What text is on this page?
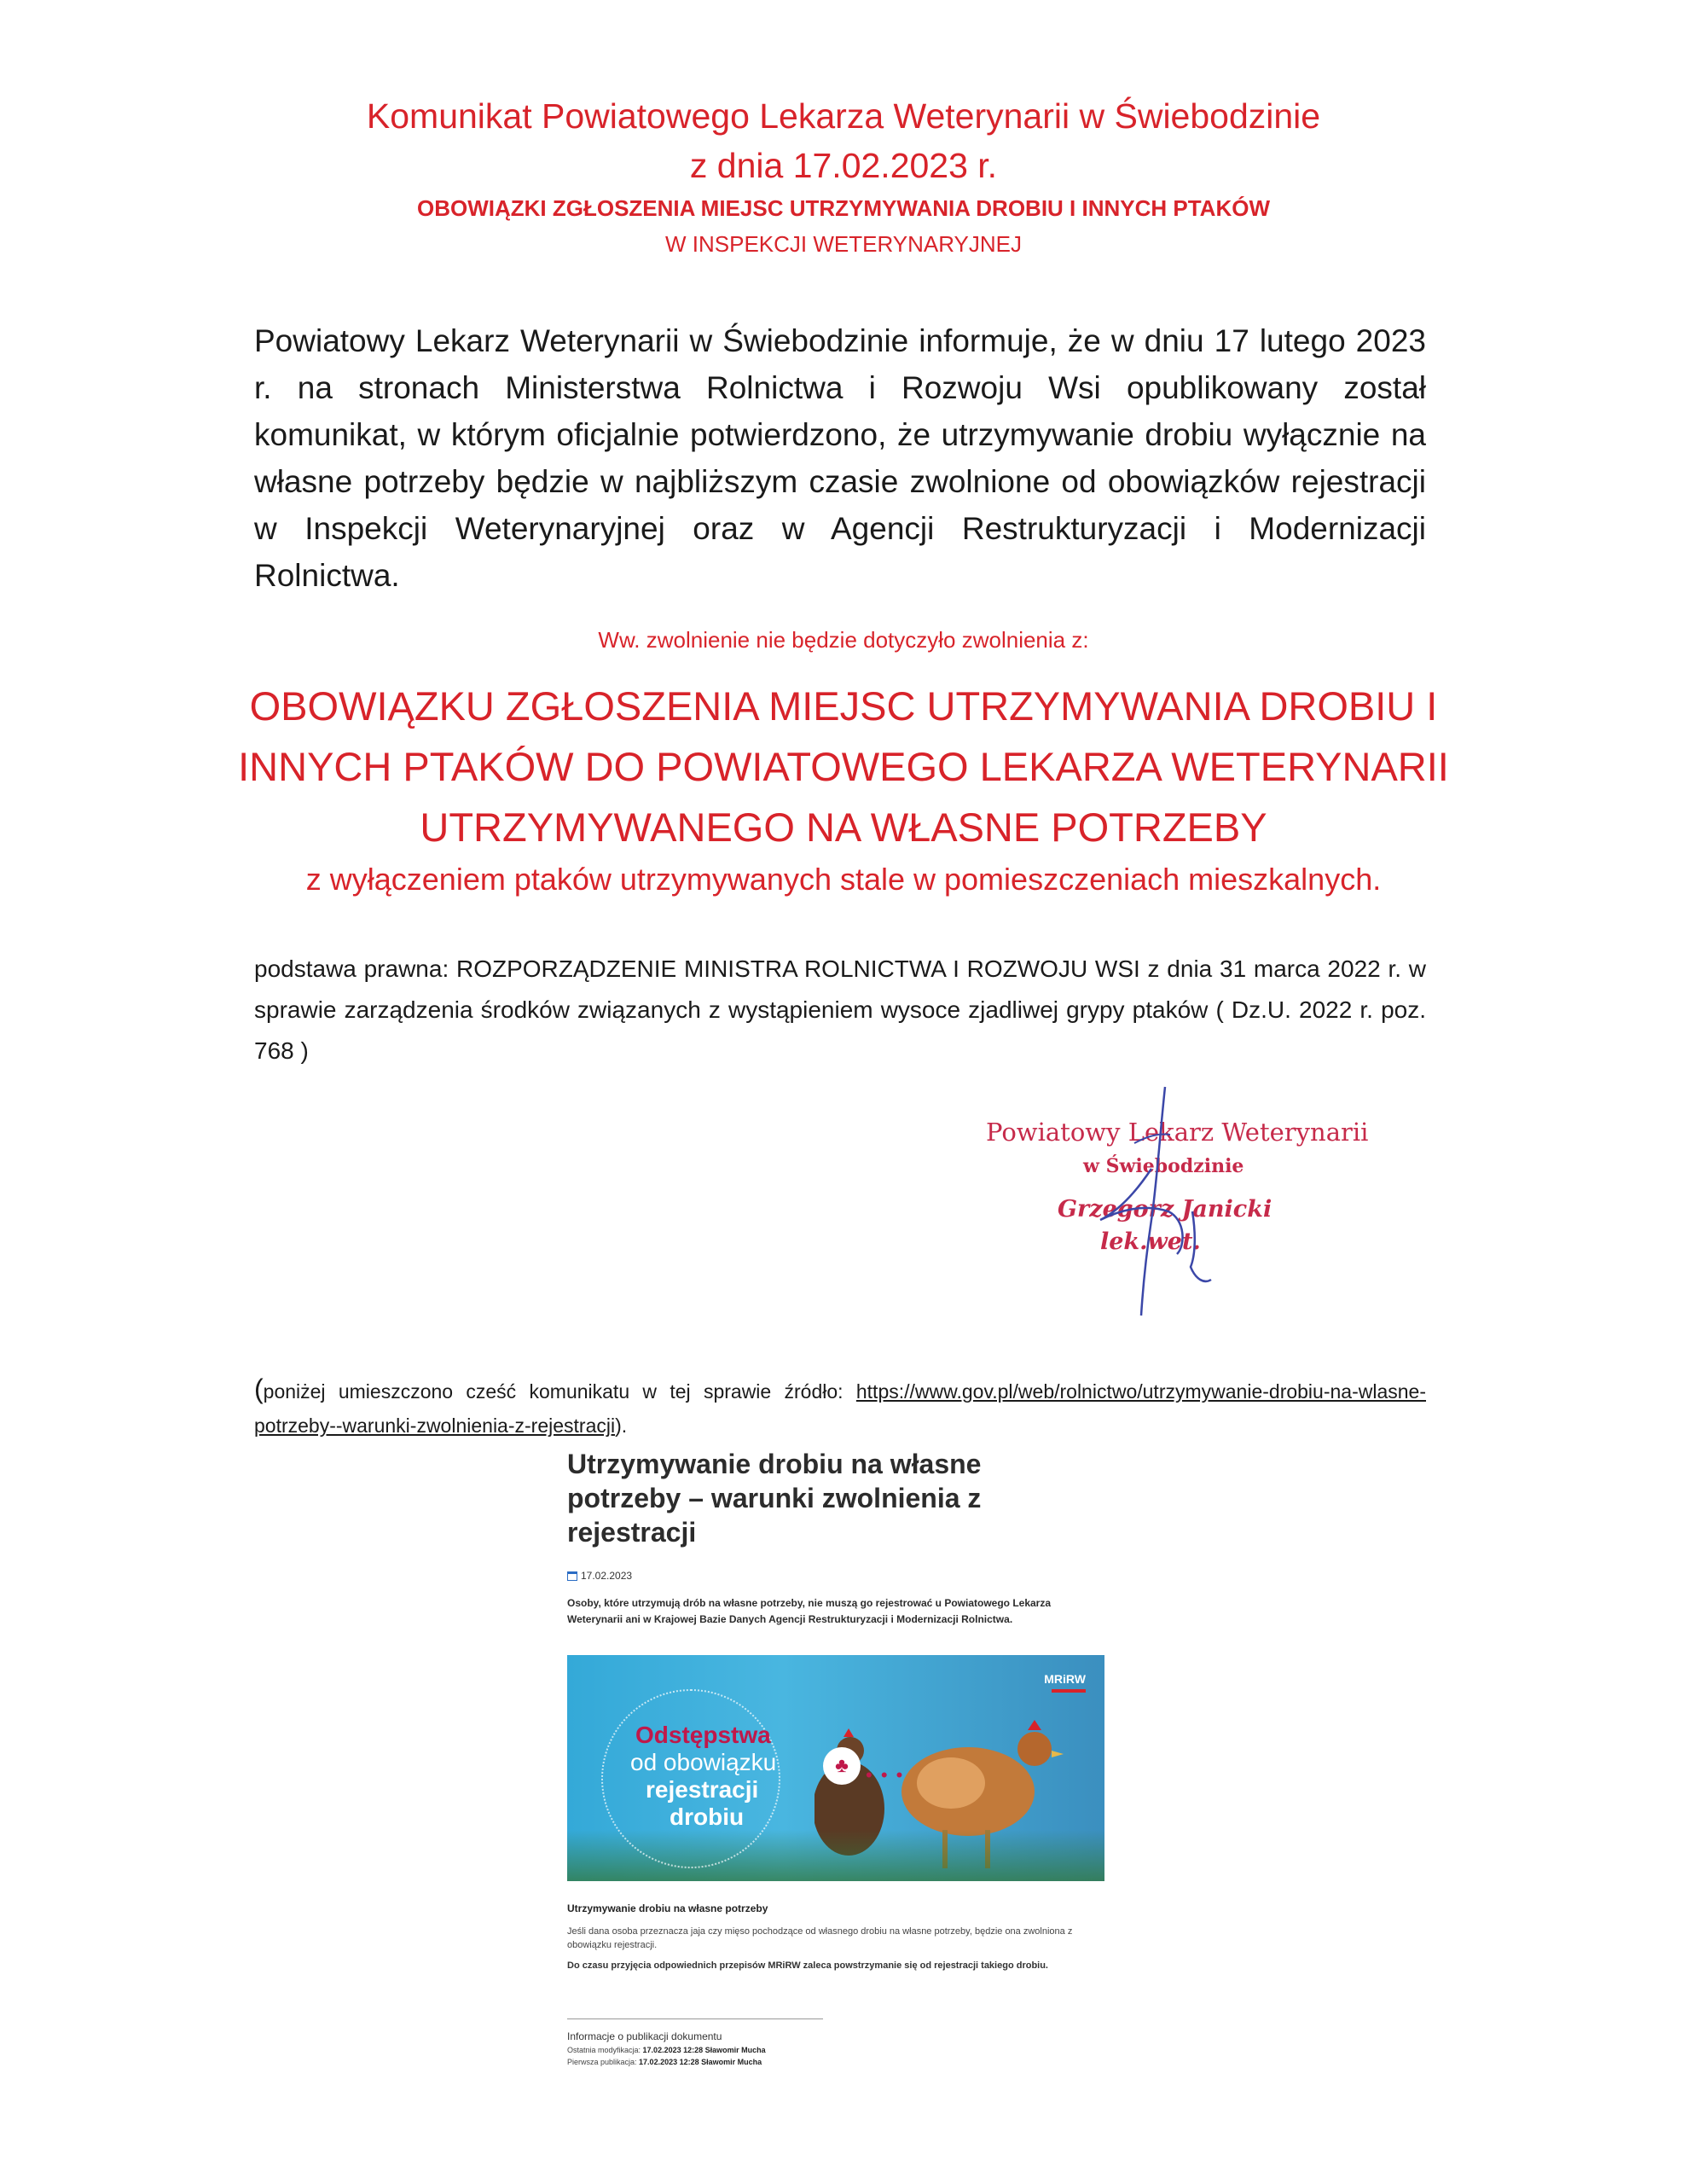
Komunikat Powiatowego Lekarza Weterynarii w Świebodzinie
z dnia 17.02.2023 r.
OBOWIĄZKI ZGŁOSZENIA MIEJSC UTRZYMYWANIA DROBIU I INNYCH PTAKÓW
W INSPEKCJI WETERYNARYJNEJ
Powiatowy Lekarz Weterynarii w Świebodzinie informuje, że w dniu 17 lutego 2023 r. na stronach Ministerstwa Rolnictwa i Rozwoju Wsi opublikowany został komunikat, w którym oficjalnie potwierdzono, że utrzymywanie drobiu wyłącznie na własne potrzeby będzie w najbliższym czasie zwolnione od obowiązków rejestracji w Inspekcji Weterynaryjnej oraz w Agencji Restrukturyzacji i Modernizacji Rolnictwa.
Ww. zwolnienie nie będzie dotyczyło zwolnienia z:
OBOWIĄZKU ZGŁOSZENIA MIEJSC UTRZYMYWANIA DROBIU I INNYCH PTAKÓW DO POWIATOWEGO LEKARZA WETERYNARII UTRZYMYWANEGO NA WŁASNE POTRZEBY
z wyłączeniem ptaków utrzymywanych stale w pomieszczeniach mieszkalnych.
podstawa prawna: ROZPORZĄDZENIE MINISTRA ROLNICTWA I ROZWOJU WSI z dnia 31 marca 2022 r. w sprawie zarządzenia środków związanych z wystąpieniem wysoce zjadliwej grypy ptaków ( Dz.U. 2022 r. poz. 768 )
Powiatowy Lekarz Weterynarii
w Świebodzinie
Grzegorz Janicki
lek.wet.
(poniżej umieszczono cześć komunikatu w tej sprawie źródło: https://www.gov.pl/web/rolnictwo/utrzymywanie-drobiu-na-wlasne-potrzeby--warunki-zwolnienia-z-rejestracji).
Utrzymywanie drobiu na własne potrzeby – warunki zwolnienia z rejestracji
17.02.2023
Osoby, które utrzymują drób na własne potrzeby, nie muszą go rejestrować u Powiatowego Lekarza Weterynarii ani w Krajowej Bazie Danych Agencji Restrukturyzacji i Modernizacji Rolnictwa.
Odstępstwa
od obowiązku
rejestracji
drobiu
♣ • • •
MRiRW
Utrzymywanie drobiu na własne potrzeby
Jeśli dana osoba przeznacza jaja czy mięso pochodzące od własnego drobiu na własne potrzeby, będzie ona zwolniona z obowiązku rejestracji.
Do czasu przyjęcia odpowiednich przepisów MRiRW zaleca powstrzymanie się od rejestracji takiego drobiu.
Informacje o publikacji dokumentu
Ostatnia modyfikacja: 17.02.2023 12:28 Sławomir Mucha
Pierwsza publikacja: 17.02.2023 12:28 Sławomir Mucha
